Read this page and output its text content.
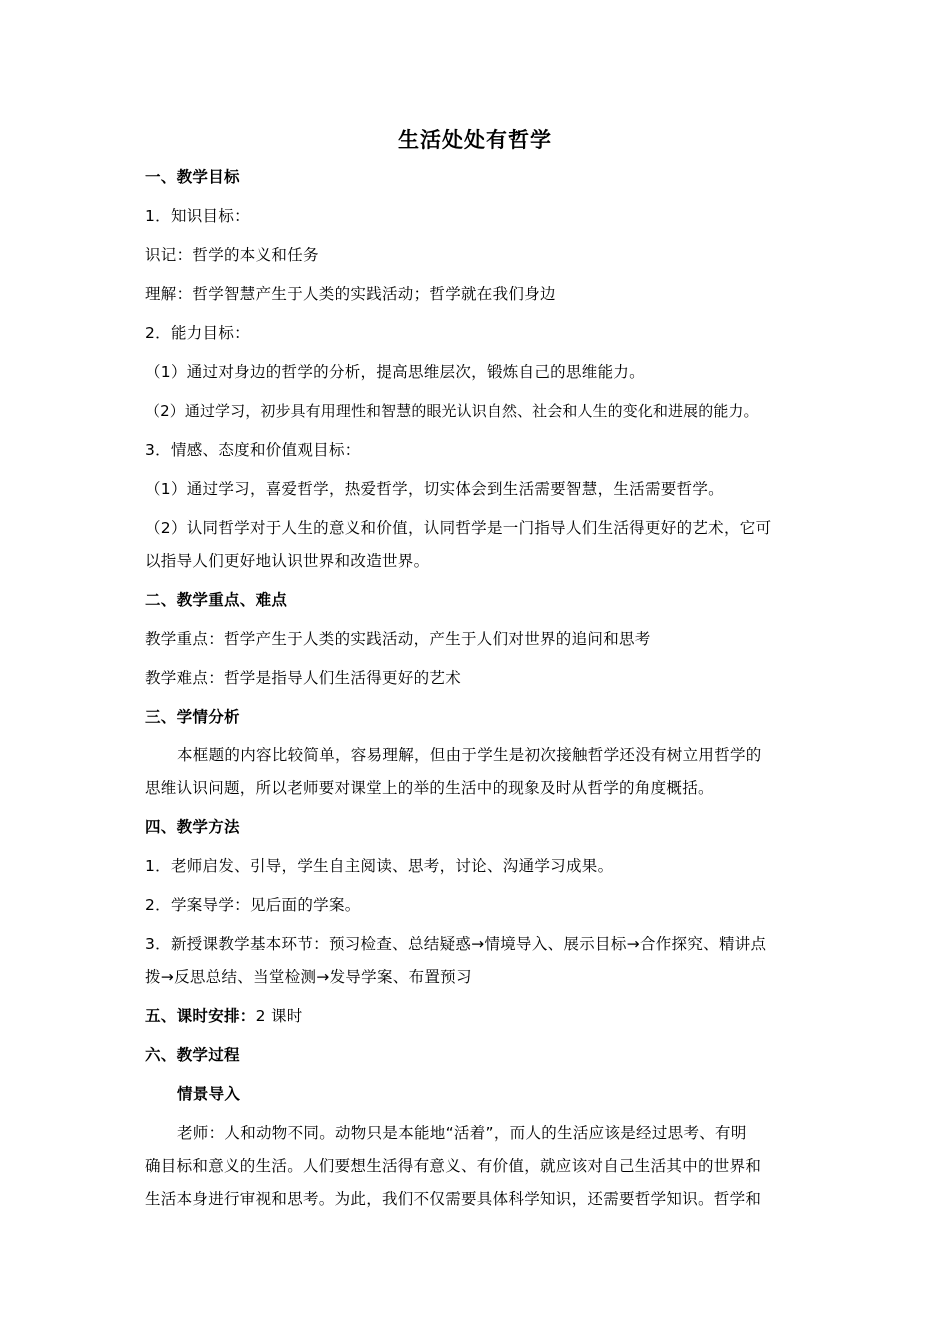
生活处处有哲学
一、教学目标
1．知识目标：
识记：哲学的本义和任务
理解：哲学智慧产生于人类的实践活动；哲学就在我们身边
2．能力目标：
（1）通过对身边的哲学的分析，提高思维层次，锻炼自己的思维能力。
（2）通过学习，初步具有用理性和智慧的眼光认识自然、社会和人生的变化和进展的能力。
3．情感、态度和价值观目标：
（1）通过学习，喜爱哲学，热爱哲学，切实体会到生活需要智慧，生活需要哲学。
（2）认同哲学对于人生的意义和价值，认同哲学是一门指导人们生活得更好的艺术，它可
以指导人们更好地认识世界和改造世界。
二、教学重点、难点
教学重点：哲学产生于人类的实践活动，产生于人们对世界的追问和思考
教学难点：哲学是指导人们生活得更好的艺术
三、学情分析
本框题的内容比较简单，容易理解，但由于学生是初次接触哲学还没有树立用哲学的
思维认识问题，所以老师要对课堂上的举的生活中的现象及时从哲学的角度概括。
四、教学方法
1．老师启发、引导，学生自主阅读、思考，讨论、沟通学习成果。
2．学案导学：见后面的学案。
3．新授课教学基本环节：预习检查、总结疑惑→情境导入、展示目标→合作探究、精讲点
拨→反思总结、当堂检测→发导学案、布置预习
五、课时安排：2 课时
六、教学过程
情景导入
老师：人和动物不同。动物只是本能地“活着”，而人的生活应该是经过思考、有明
确目标和意义的生活。人们要想生活得有意义、有价值，就应该对自己生活其中的世界和
生活本身进行审视和思考。为此，我们不仅需要具体科学知识，还需要哲学知识。哲学和
